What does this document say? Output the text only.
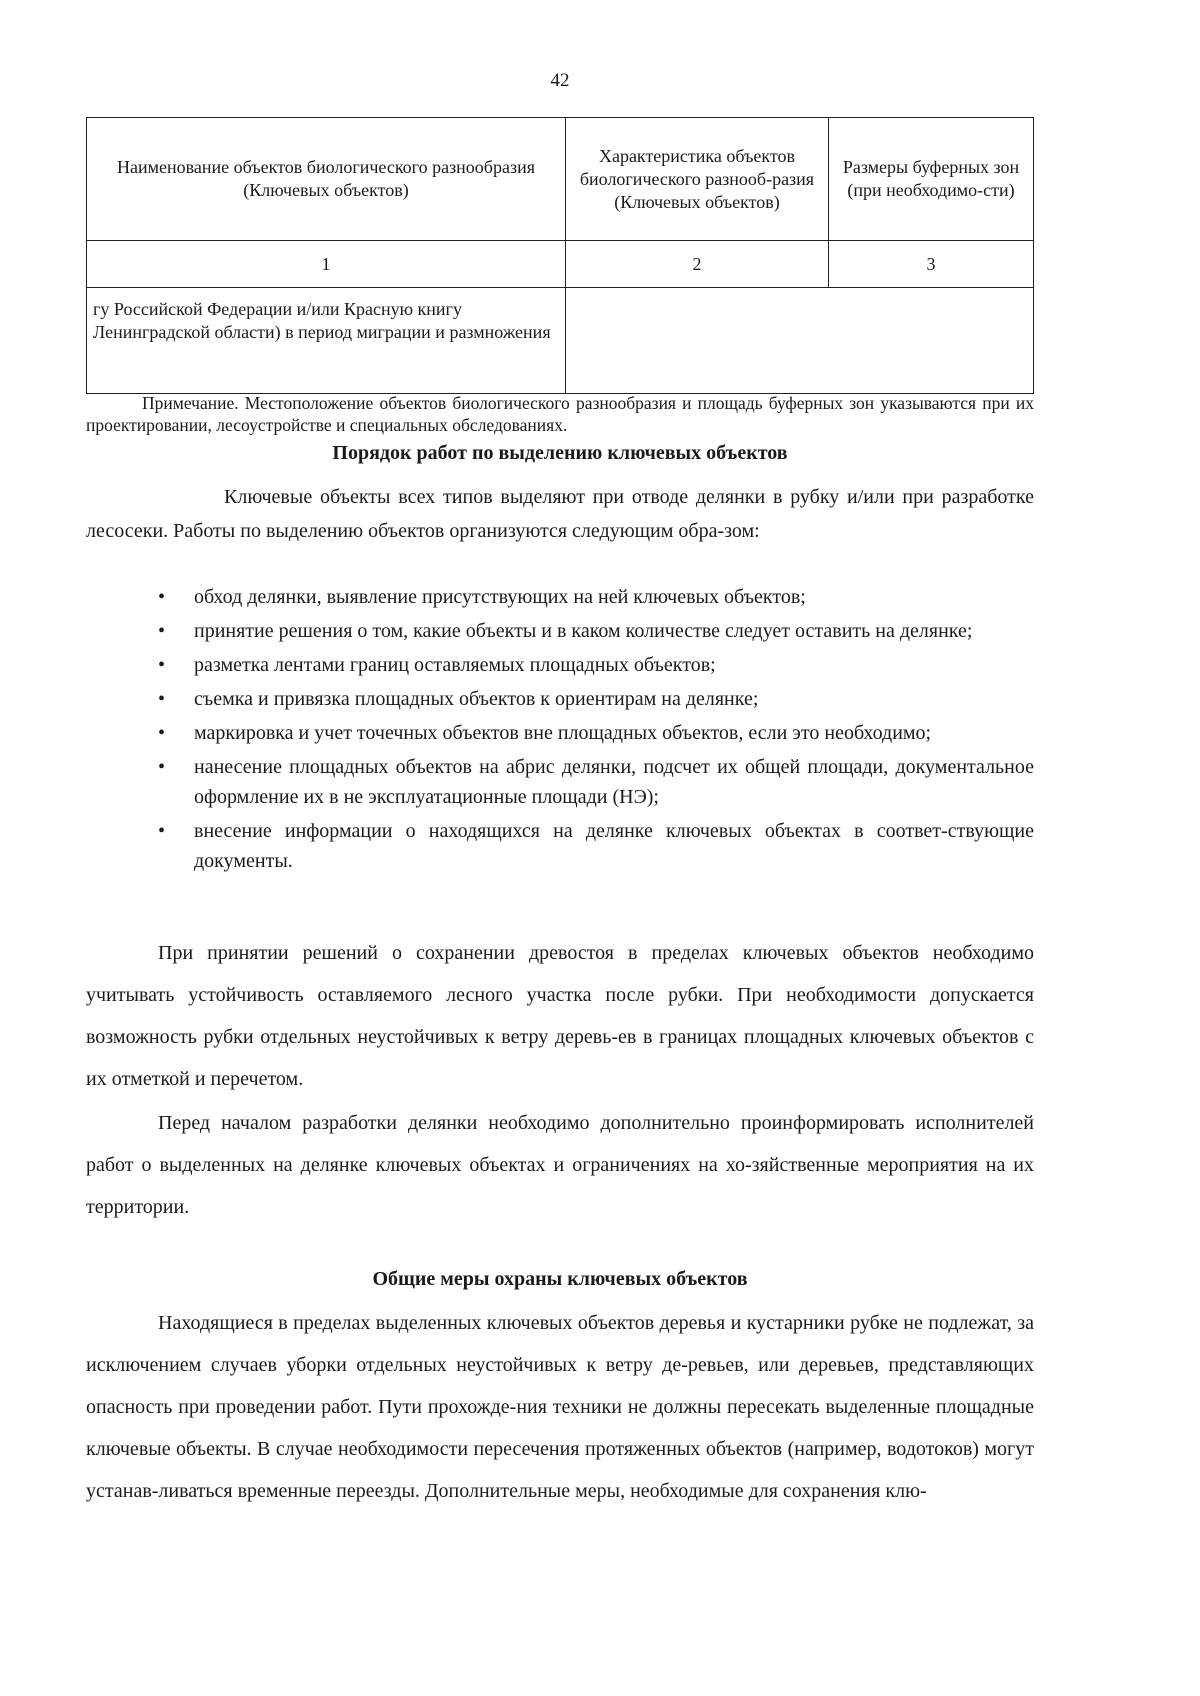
42
Наименование объектов биологического разнообразия (Ключевых объектов)	Характеристика объектов биологического разнооб-разия (Ключевых объектов)	Размеры буферных зон (при необходимо-сти)
1	2	3
гу Российской Федерации и/или Красную книгу Ленинградской области) в период миграции и размножения		
Примечание. Местоположение объектов биологического разнообразия и площадь буферных зон указываются при их проектировании, лесоустройстве и специальных обследованиях.
Порядок работ по выделению ключевых объектов
Ключевые объекты всех типов выделяют при отводе делянки в рубку и/или при разработке лесосеки. Работы по выделению объектов организуются следующим обра-зом:
• обход делянки, выявление присутствующих на ней ключевых объектов;
• принятие решения о том, какие объекты и в каком количестве следует оставить на делянке;
• разметка лентами границ оставляемых площадных объектов;
• съемка и привязка площадных объектов к ориентирам на делянке;
• маркировка и учет точечных объектов вне площадных объектов, если это необходимо;
• нанесение площадных объектов на абрис делянки, подсчет их общей площади, документальное оформление их в не эксплуатационные площади (НЭ);
• внесение информации о находящихся на делянке ключевых объектах в соответ-ствующие документы.
При принятии решений о сохранении древостоя в пределах ключевых объектов необходимо учитывать устойчивость оставляемого лесного участка после рубки. При необходимости допускается возможность рубки отдельных неустойчивых к ветру деревь-ев в границах площадных ключевых объектов с их отметкой и перечетом.
Перед началом разработки делянки необходимо дополнительно проинформировать исполнителей работ о выделенных на делянке ключевых объектах и ограничениях на хо-зяйственные мероприятия на их территории.
Общие меры охраны ключевых объектов
Находящиеся в пределах выделенных ключевых объектов деревья и кустарники рубке не подлежат, за исключением случаев уборки отдельных неустойчивых к ветру де-ревьев, или деревьев, представляющих опасность при проведении работ. Пути прохожде-ния техники не должны пересекать выделенные площадные ключевые объекты. В случае необходимости пересечения протяженных объектов (например, водотоков) могут устанав-ливаться временные переезды. Дополнительные меры, необходимые для сохранения клю-
